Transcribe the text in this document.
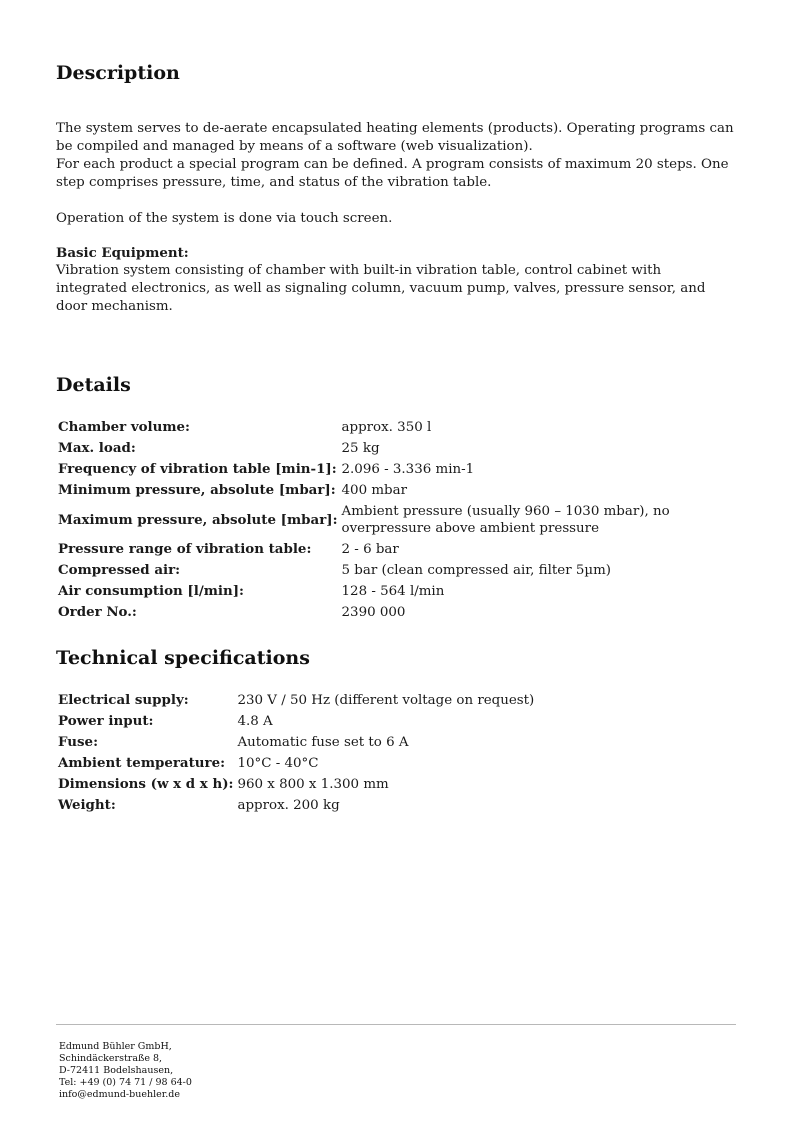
Description
The system serves to de-aerate encapsulated heating elements (products). Operating programs can be compiled and managed by means of a software (web visualization).
For each product a special program can be defined. A program consists of maximum 20 steps. One step comprises pressure, time, and status of the vibration table.
Operation of the system is done via touch screen.
Basic Equipment:
Vibration system consisting of chamber with built-in vibration table, control cabinet with integrated electronics, as well as signaling column, vacuum pump, valves, pressure sensor, and door mechanism.
Details
Chamber volume:	approx. 350 l
Max. load:	25 kg
Frequency of vibration table [min-1]:	2.096 - 3.336 min-1
Minimum pressure, absolute [mbar]:	400 mbar
Maximum pressure, absolute [mbar]:	Ambient pressure (usually 960 – 1030 mbar), no overpressure above ambient pressure
Pressure range of vibration table:	2 - 6 bar
Compressed air:	5 bar (clean compressed air, filter 5µm)
Air consumption [l/min]:	128 - 564 l/min
Order No.:	2390 000
Technical specifications
Electrical supply:	230 V / 50 Hz (different voltage on request)
Power input:	4.8 A
Fuse:	Automatic fuse set to 6 A
Ambient temperature:	10°C - 40°C
Dimensions (w x d x h):	960 x 800 x 1.300 mm
Weight:	approx. 200 kg
Edmund Bühler GmbH,
Schindäckerstraße 8,
D-72411 Bodelshausen,
Tel: +49 (0) 74 71 / 98 64-0
info@edmund-buehler.de
